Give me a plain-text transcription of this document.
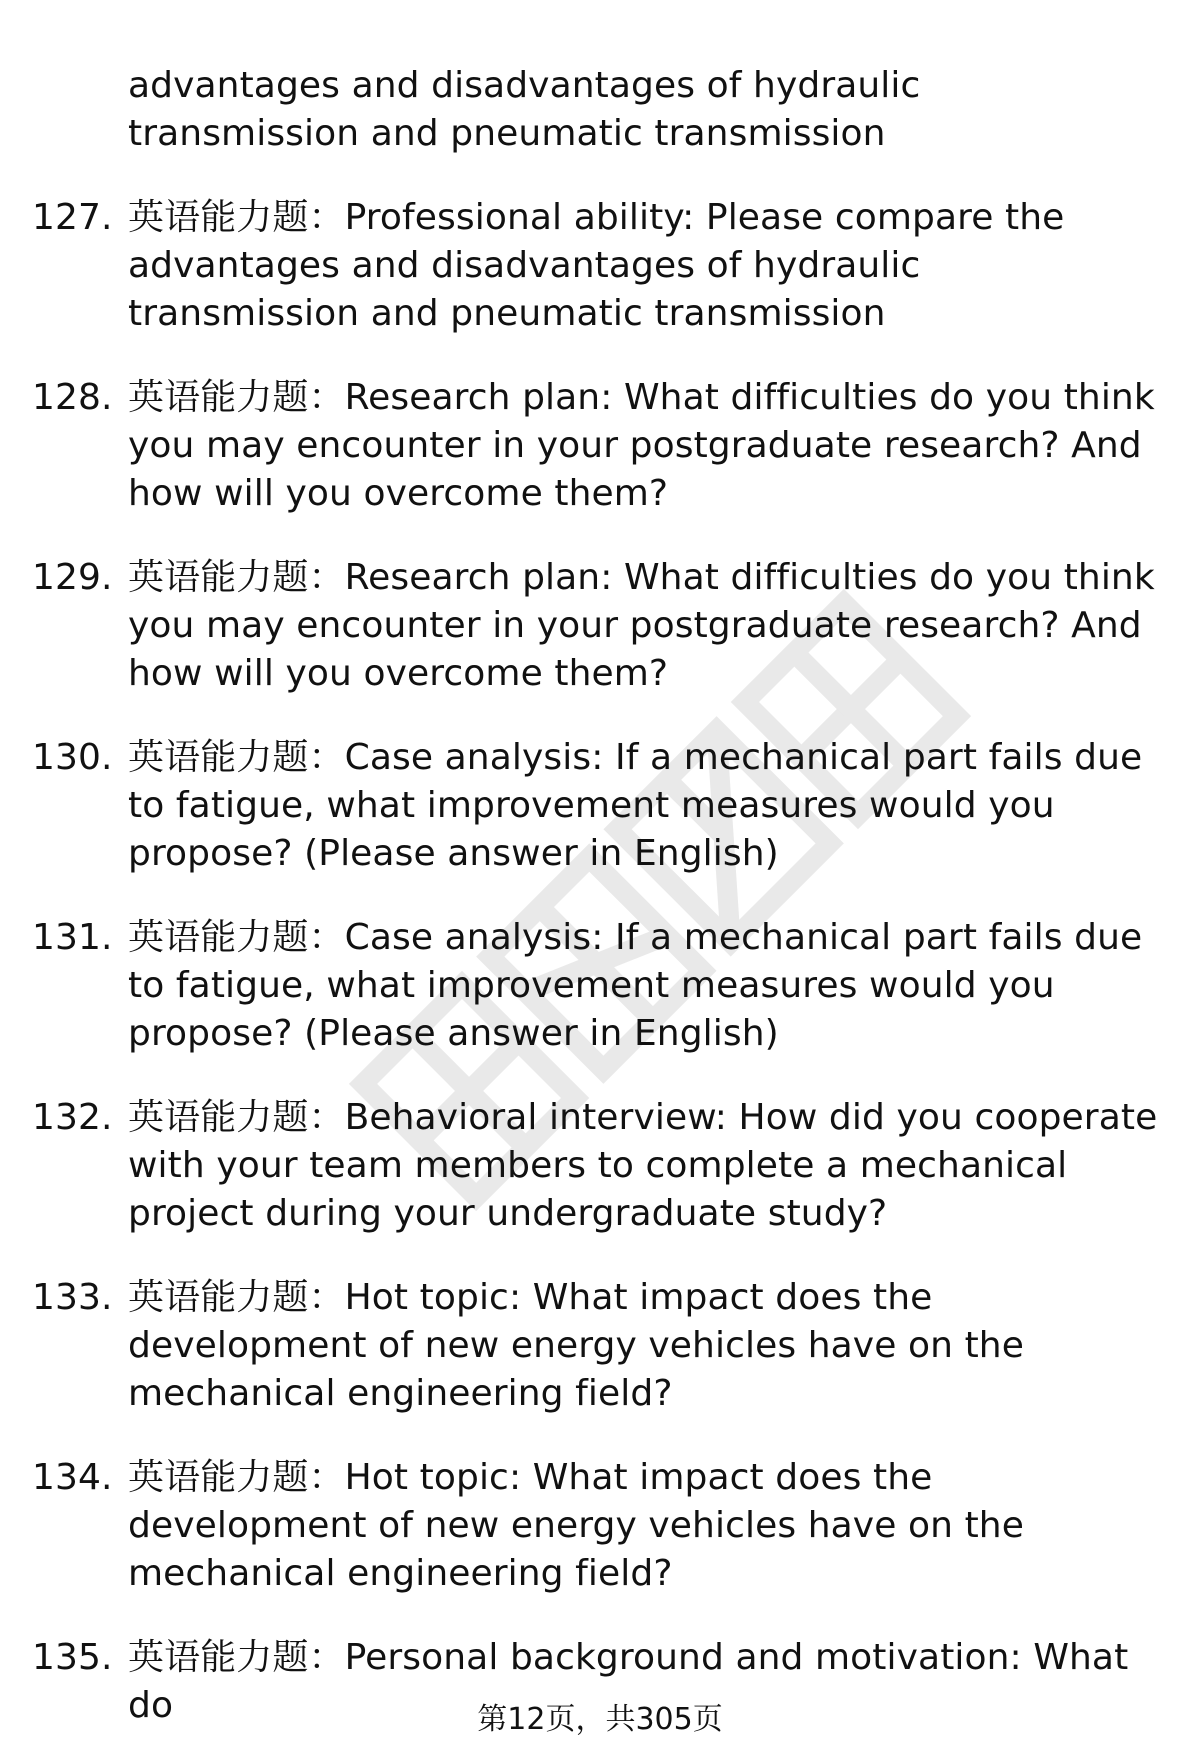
advantages and disadvantages of hydraulic transmission and pneumatic transmission
127. 英语能力题：Professional ability: Please compare the advantages and disadvantages of hydraulic transmission and pneumatic transmission
128. 英语能力题：Research plan: What difficulties do you think you may encounter in your postgraduate research? And how will you overcome them?
129. 英语能力题：Research plan: What difficulties do you think you may encounter in your postgraduate research? And how will you overcome them?
130. 英语能力题：Case analysis: If a mechanical part fails due to fatigue, what improvement measures would you propose? (Please answer in English)
131. 英语能力题：Case analysis: If a mechanical part fails due to fatigue, what improvement measures would you propose? (Please answer in English)
132. 英语能力题：Behavioral interview: How did you cooperate with your team members to complete a mechanical project during your undergraduate study?
133. 英语能力题：Hot topic: What impact does the development of new energy vehicles have on the mechanical engineering field?
134. 英语能力题：Hot topic: What impact does the development of new energy vehicles have on the mechanical engineering field?
135. 英语能力题：Personal background and motivation: What do	第12页，共305页
